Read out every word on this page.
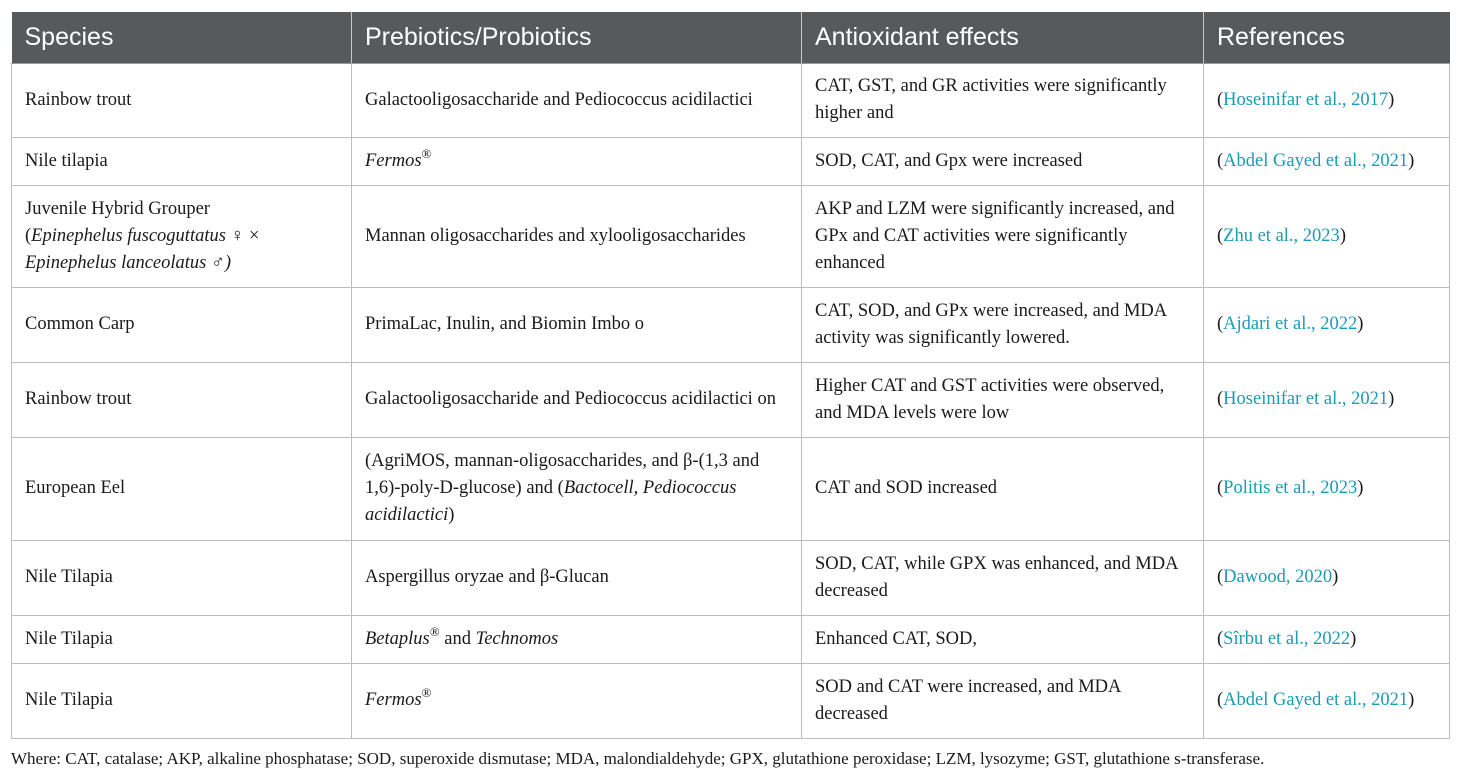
Species	Prebiotics/Probiotics	Antioxidant effects	References
Rainbow trout	Galactooligosaccharide and Pediococcus acidilactici	CAT, GST, and GR activities were significantly higher and	(Hoseinifar et al., 2017)
Nile tilapia	Fermos®	SOD, CAT, and Gpx were increased	(Abdel Gayed et al., 2021)
Juvenile Hybrid Grouper
(Epinephelus fuscoguttatus ♀ ×
Epinephelus lanceolatus ♂)	Mannan oligosaccharides and xylooligosaccharides	AKP and LZM were significantly increased, and GPx and CAT activities were significantly enhanced	(Zhu et al., 2023)
Common Carp	PrimaLac, Inulin, and Biomin Imbo o	CAT, SOD, and GPx were increased, and MDA activity was significantly lowered.	(Ajdari et al., 2022)
Rainbow trout	Galactooligosaccharide and Pediococcus acidilactici on	Higher CAT and GST activities were observed, and MDA levels were low	(Hoseinifar et al., 2021)
European Eel	(AgriMOS, mannan-oligosaccharides, and β-(1,3 and 1,6)-poly-D-glucose) and (Bactocell, Pediococcus acidilactici)	CAT and SOD increased	(Politis et al., 2023)
Nile Tilapia	Aspergillus oryzae and β-Glucan	SOD, CAT, while GPX was enhanced, and MDA decreased	(Dawood, 2020)
Nile Tilapia	Betaplus® and Technomos	Enhanced CAT, SOD,	(Sîrbu et al., 2022)
Nile Tilapia	Fermos®	SOD and CAT were increased, and MDA decreased	(Abdel Gayed et al., 2021)
Where: CAT, catalase; AKP, alkaline phosphatase; SOD, superoxide dismutase; MDA, malondialdehyde; GPX, glutathione peroxidase; LZM, lysozyme; GST, glutathione s-transferase.
